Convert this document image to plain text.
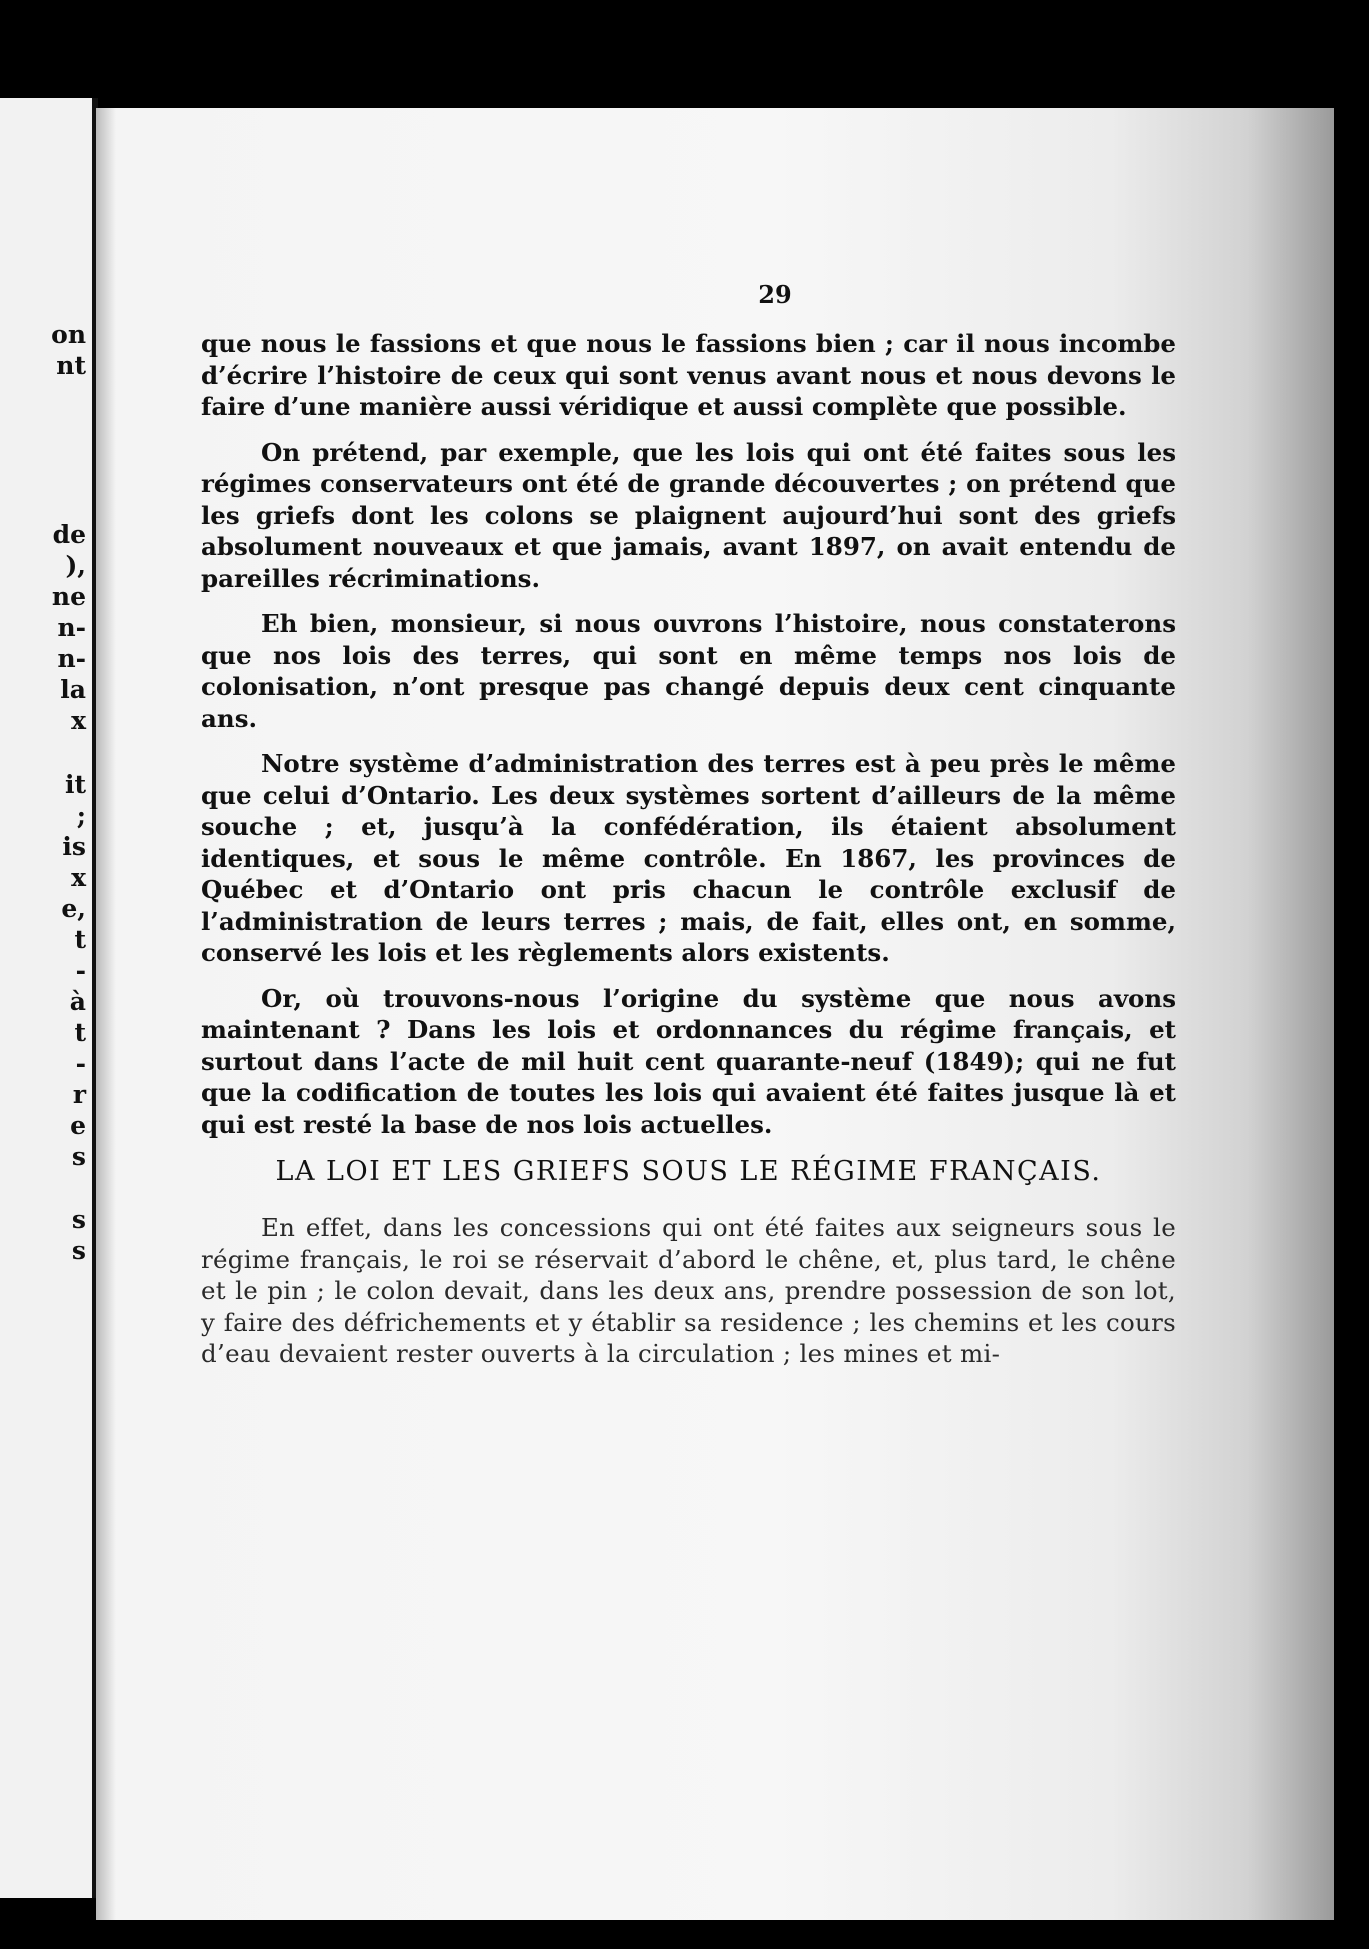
on
nt
de
),
ne
n-
n-
la
x
it
;
is
x
e,
t
-
à
t
-
r
e
s
s
s
29

que nous le fassions et que nous le fassions bien ; car il nous incombe d’écrire l’histoire de ceux qui sont venus avant nous et nous devons le faire d’une manière aussi véridique et aussi complète que possible.

On prétend, par exemple, que les lois qui ont été faites sous les régimes conservateurs ont été de grande découvertes ; on prétend que les griefs dont les colons se plaignent aujourd’hui sont des griefs absolument nouveaux et que jamais, avant 1897, on avait entendu de pareilles récriminations.

Eh bien, monsieur, si nous ouvrons l’histoire, nous constaterons que nos lois des terres, qui sont en même temps nos lois de colonisation, n’ont presque pas changé depuis deux cent cinquante ans.

Notre système d’administration des terres est à peu près le même que celui d’Ontario. Les deux systèmes sortent d’ailleurs de la même souche ; et, jusqu’à la confédération, ils étaient absolument identiques, et sous le même contrôle. En 1867, les provinces de Québec et d’Ontario ont pris chacun le contrôle exclusif de l’administration de leurs terres ; mais, de fait, elles ont, en somme, conservé les lois et les règlements alors existents.

Or, où trouvons-nous l’origine du système que nous avons maintenant ? Dans les lois et ordonnances du régime français, et surtout dans l’acte de mil huit cent quarante-neuf (1849); qui ne fut que la codification de toutes les lois qui avaient été faites jusque là et qui est resté la base de nos lois actuelles.

LA LOI ET LES GRIEFS SOUS LE RÉGIME FRANÇAIS.

En effet, dans les concessions qui ont été faites aux seigneurs sous le régime français, le roi se réservait d’abord le chêne, et, plus tard, le chêne et le pin ; le colon devait, dans les deux ans, prendre possession de son lot, y faire des défrichements et y établir sa residence ; les chemins et les cours d’eau devaient rester ouverts à la circulation ; les mines et mi-
